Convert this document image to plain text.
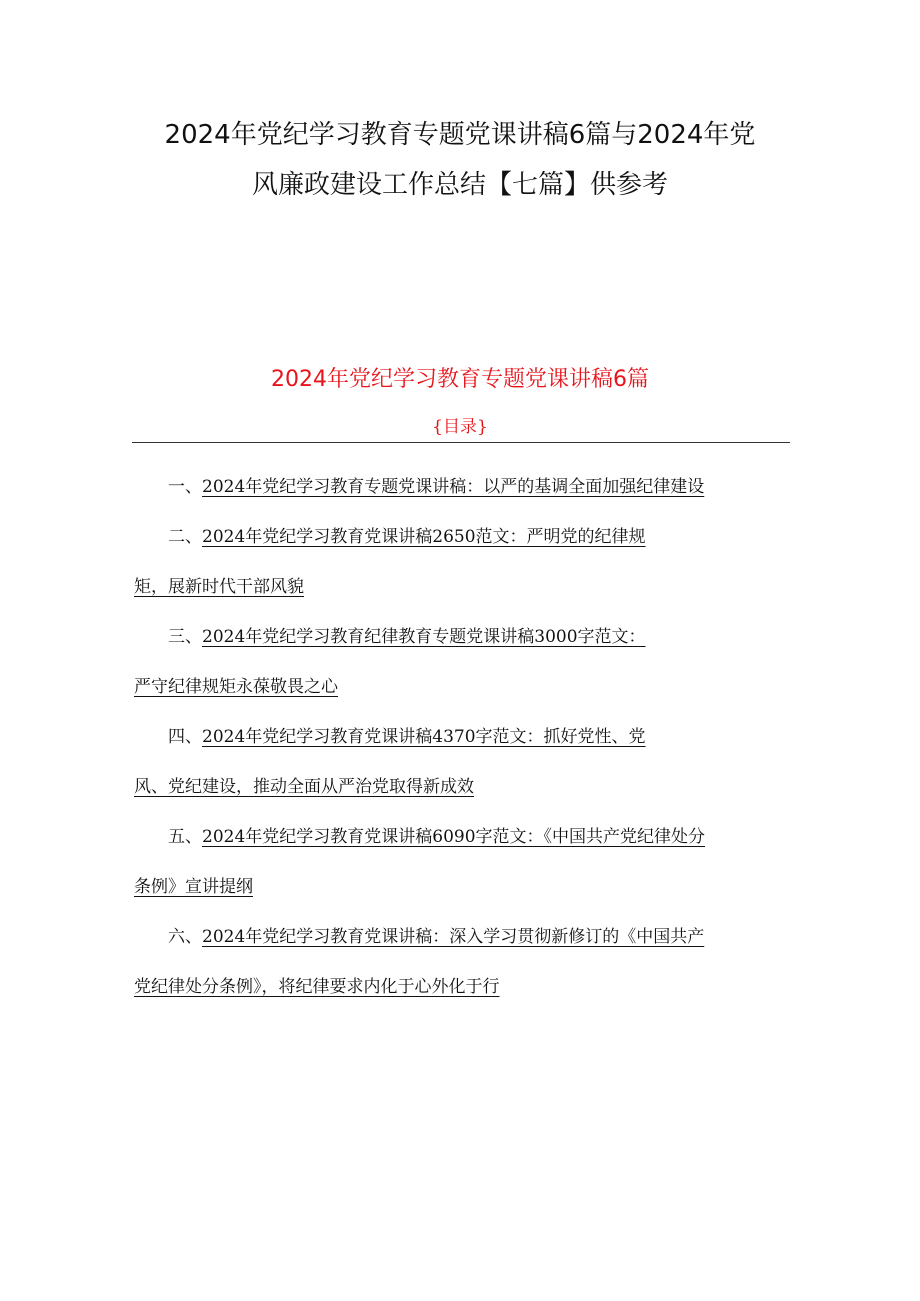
2024年党纪学习教育专题党课讲稿6篇与2024年党
风廉政建设工作总结【七篇】供参考
2024年党纪学习教育专题党课讲稿6篇
{目录}
一、2024年党纪学习教育专题党课讲稿：以严的基调全面加强纪律建设
二、2024年党纪学习教育党课讲稿2650范文：严明党的纪律规
矩，展新时代干部风貌
三、2024年党纪学习教育纪律教育专题党课讲稿3000字范文：
严守纪律规矩永葆敬畏之心
四、2024年党纪学习教育党课讲稿4370字范文：抓好党性、党
风、党纪建设，推动全面从严治党取得新成效
五、2024年党纪学习教育党课讲稿6090字范文：《中国共产党纪律处分
条例》宣讲提纲
六、2024年党纪学习教育党课讲稿：深入学习贯彻新修订的《中国共产
党纪律处分条例》，将纪律要求内化于心外化于行
